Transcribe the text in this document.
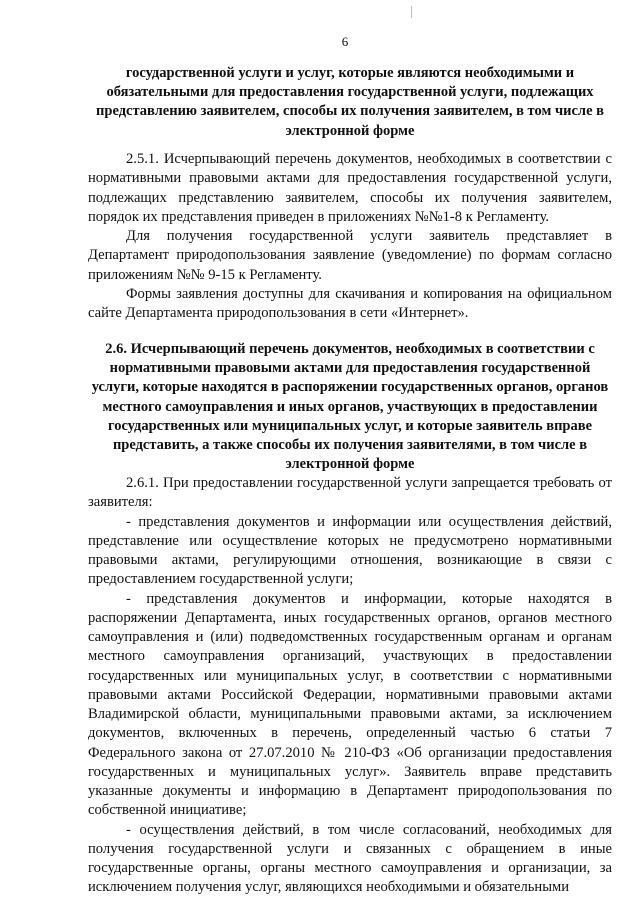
6
государственной услуги и услуг, которые являются необходимыми и обязательными для предоставления государственной услуги, подлежащих представлению заявителем, способы их получения заявителем, в том числе в электронной форме

2.5.1. Исчерпывающий перечень документов, необходимых в соответствии с нормативными правовыми актами для предоставления государственной услуги, подлежащих представлению заявителем, способы их получения заявителем, порядок их представления приведен в приложениях №№1-8 к Регламенту.

Для получения государственной услуги заявитель представляет в Департамент природопользования заявление (уведомление) по формам согласно приложениям №№ 9-15 к Регламенту.

Формы заявления доступны для скачивания и копирования на официальном сайте Департамента природопользования в сети «Интернет».

2.6. Исчерпывающий перечень документов, необходимых в соответствии с нормативными правовыми актами для предоставления государственной услуги, которые находятся в распоряжении государственных органов, органов местного самоуправления и иных органов, участвующих в предоставлении государственных или муниципальных услуг, и которые заявитель вправе представить, а также способы их получения заявителями, в том числе в электронной форме

2.6.1. При предоставлении государственной услуги запрещается требовать от заявителя:

- представления документов и информации или осуществления действий, представление или осуществление которых не предусмотрено нормативными правовыми актами, регулирующими отношения, возникающие в связи с предоставлением государственной услуги;

- представления документов и информации, которые находятся в распоряжении Департамента, иных государственных органов, органов местного самоуправления и (или) подведомственных государственным органам и органам местного самоуправления организаций, участвующих в предоставлении государственных или муниципальных услуг, в соответствии с нормативными правовыми актами Российской Федерации, нормативными правовыми актами Владимирской области, муниципальными правовыми актами, за исключением документов, включенных в перечень, определенный частью 6 статьи 7 Федерального закона от 27.07.2010 № 210-ФЗ «Об организации предоставления государственных и муниципальных услуг». Заявитель вправе представить указанные документы и информацию в Департамент природопользования по собственной инициативе;

- осуществления действий, в том числе согласований, необходимых для получения государственной услуги и связанных с обращением в иные государственные органы, органы местного самоуправления и организации, за исключением получения услуг, являющихся необходимыми и обязательными
